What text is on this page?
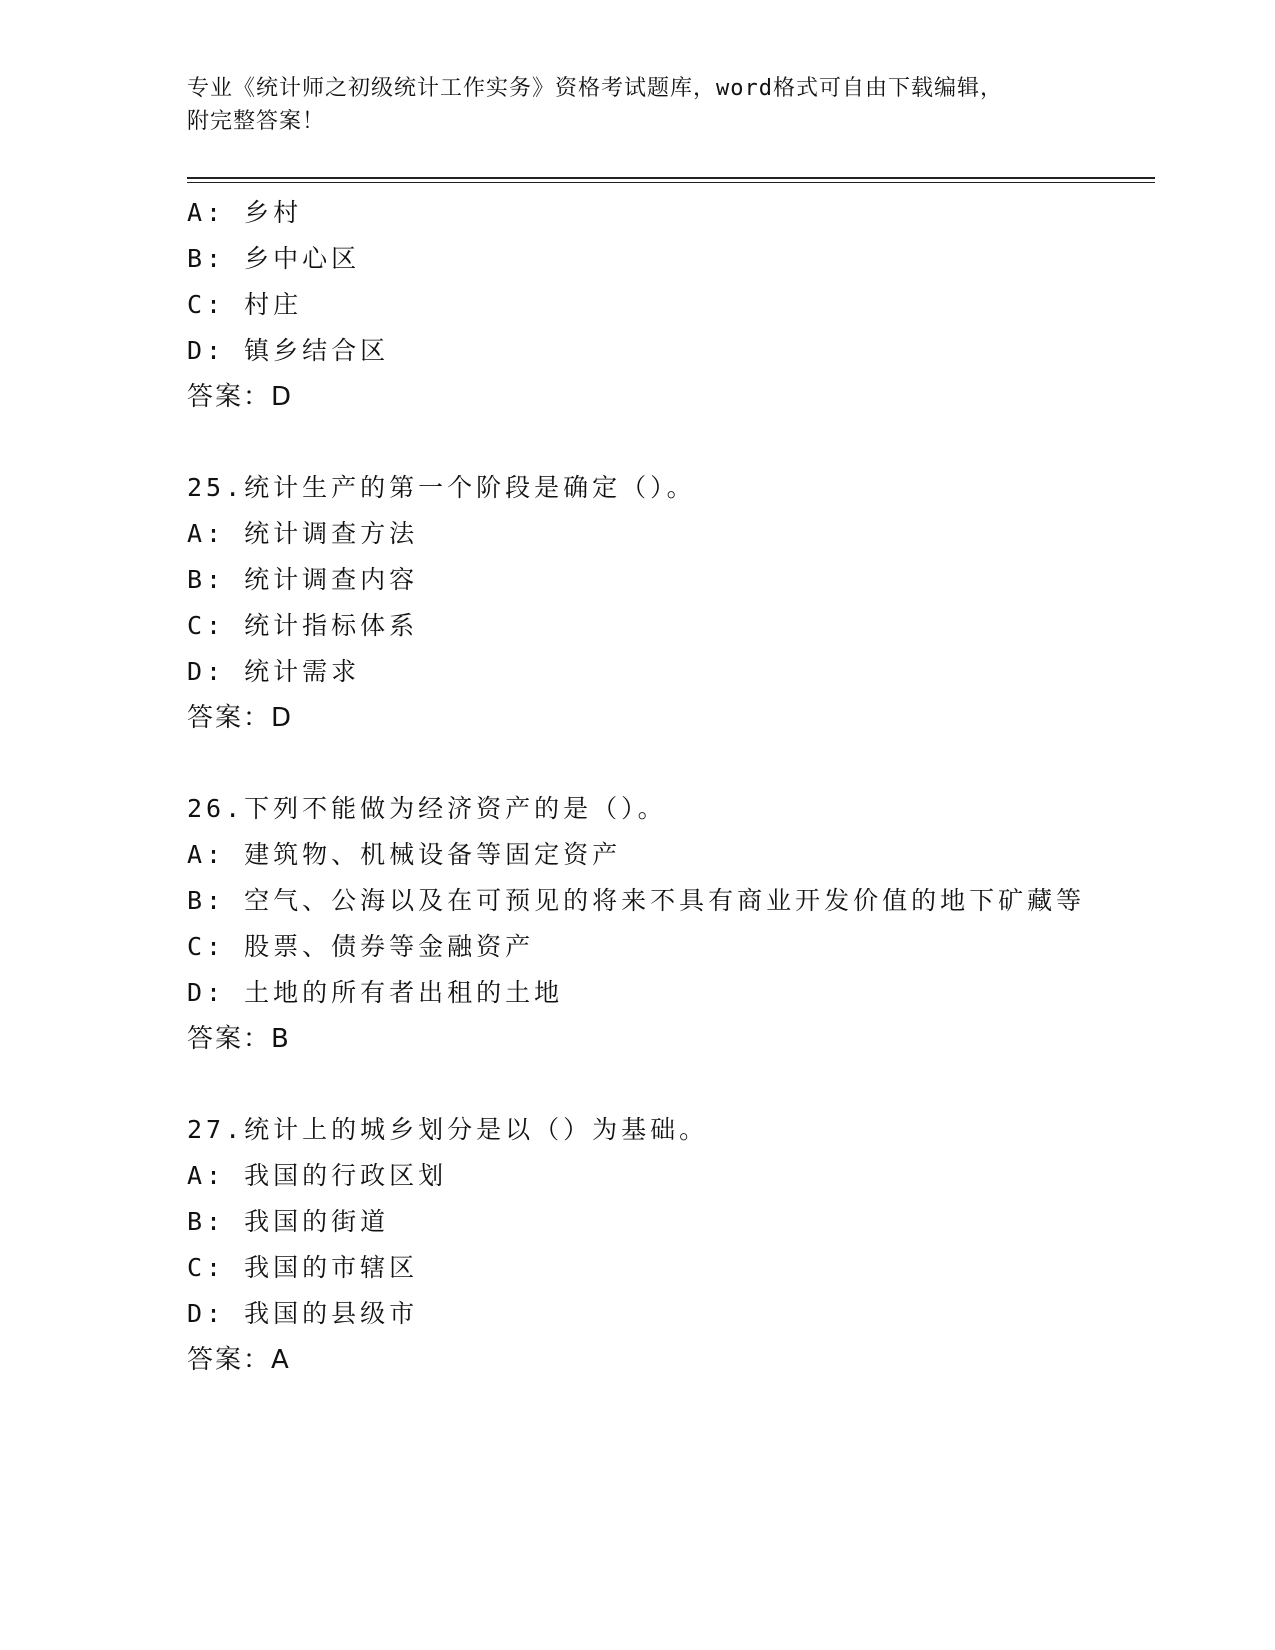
专业《统计师之初级统计工作实务》资格考试题库，word格式可自由下载编辑，
附完整答案！
A: 乡村
B: 乡中心区
C: 村庄
D: 镇乡结合区
答案：D
25.统计生产的第一个阶段是确定（）。
A: 统计调查方法
B: 统计调查内容
C: 统计指标体系
D: 统计需求
答案：D
26.下列不能做为经济资产的是（）。
A: 建筑物、机械设备等固定资产
B: 空气、公海以及在可预见的将来不具有商业开发价值的地下矿藏等
C: 股票、债券等金融资产
D: 土地的所有者出租的土地
答案：B
27.统计上的城乡划分是以（）为基础。
A: 我国的行政区划
B: 我国的街道
C: 我国的市辖区
D: 我国的县级市
答案：A
